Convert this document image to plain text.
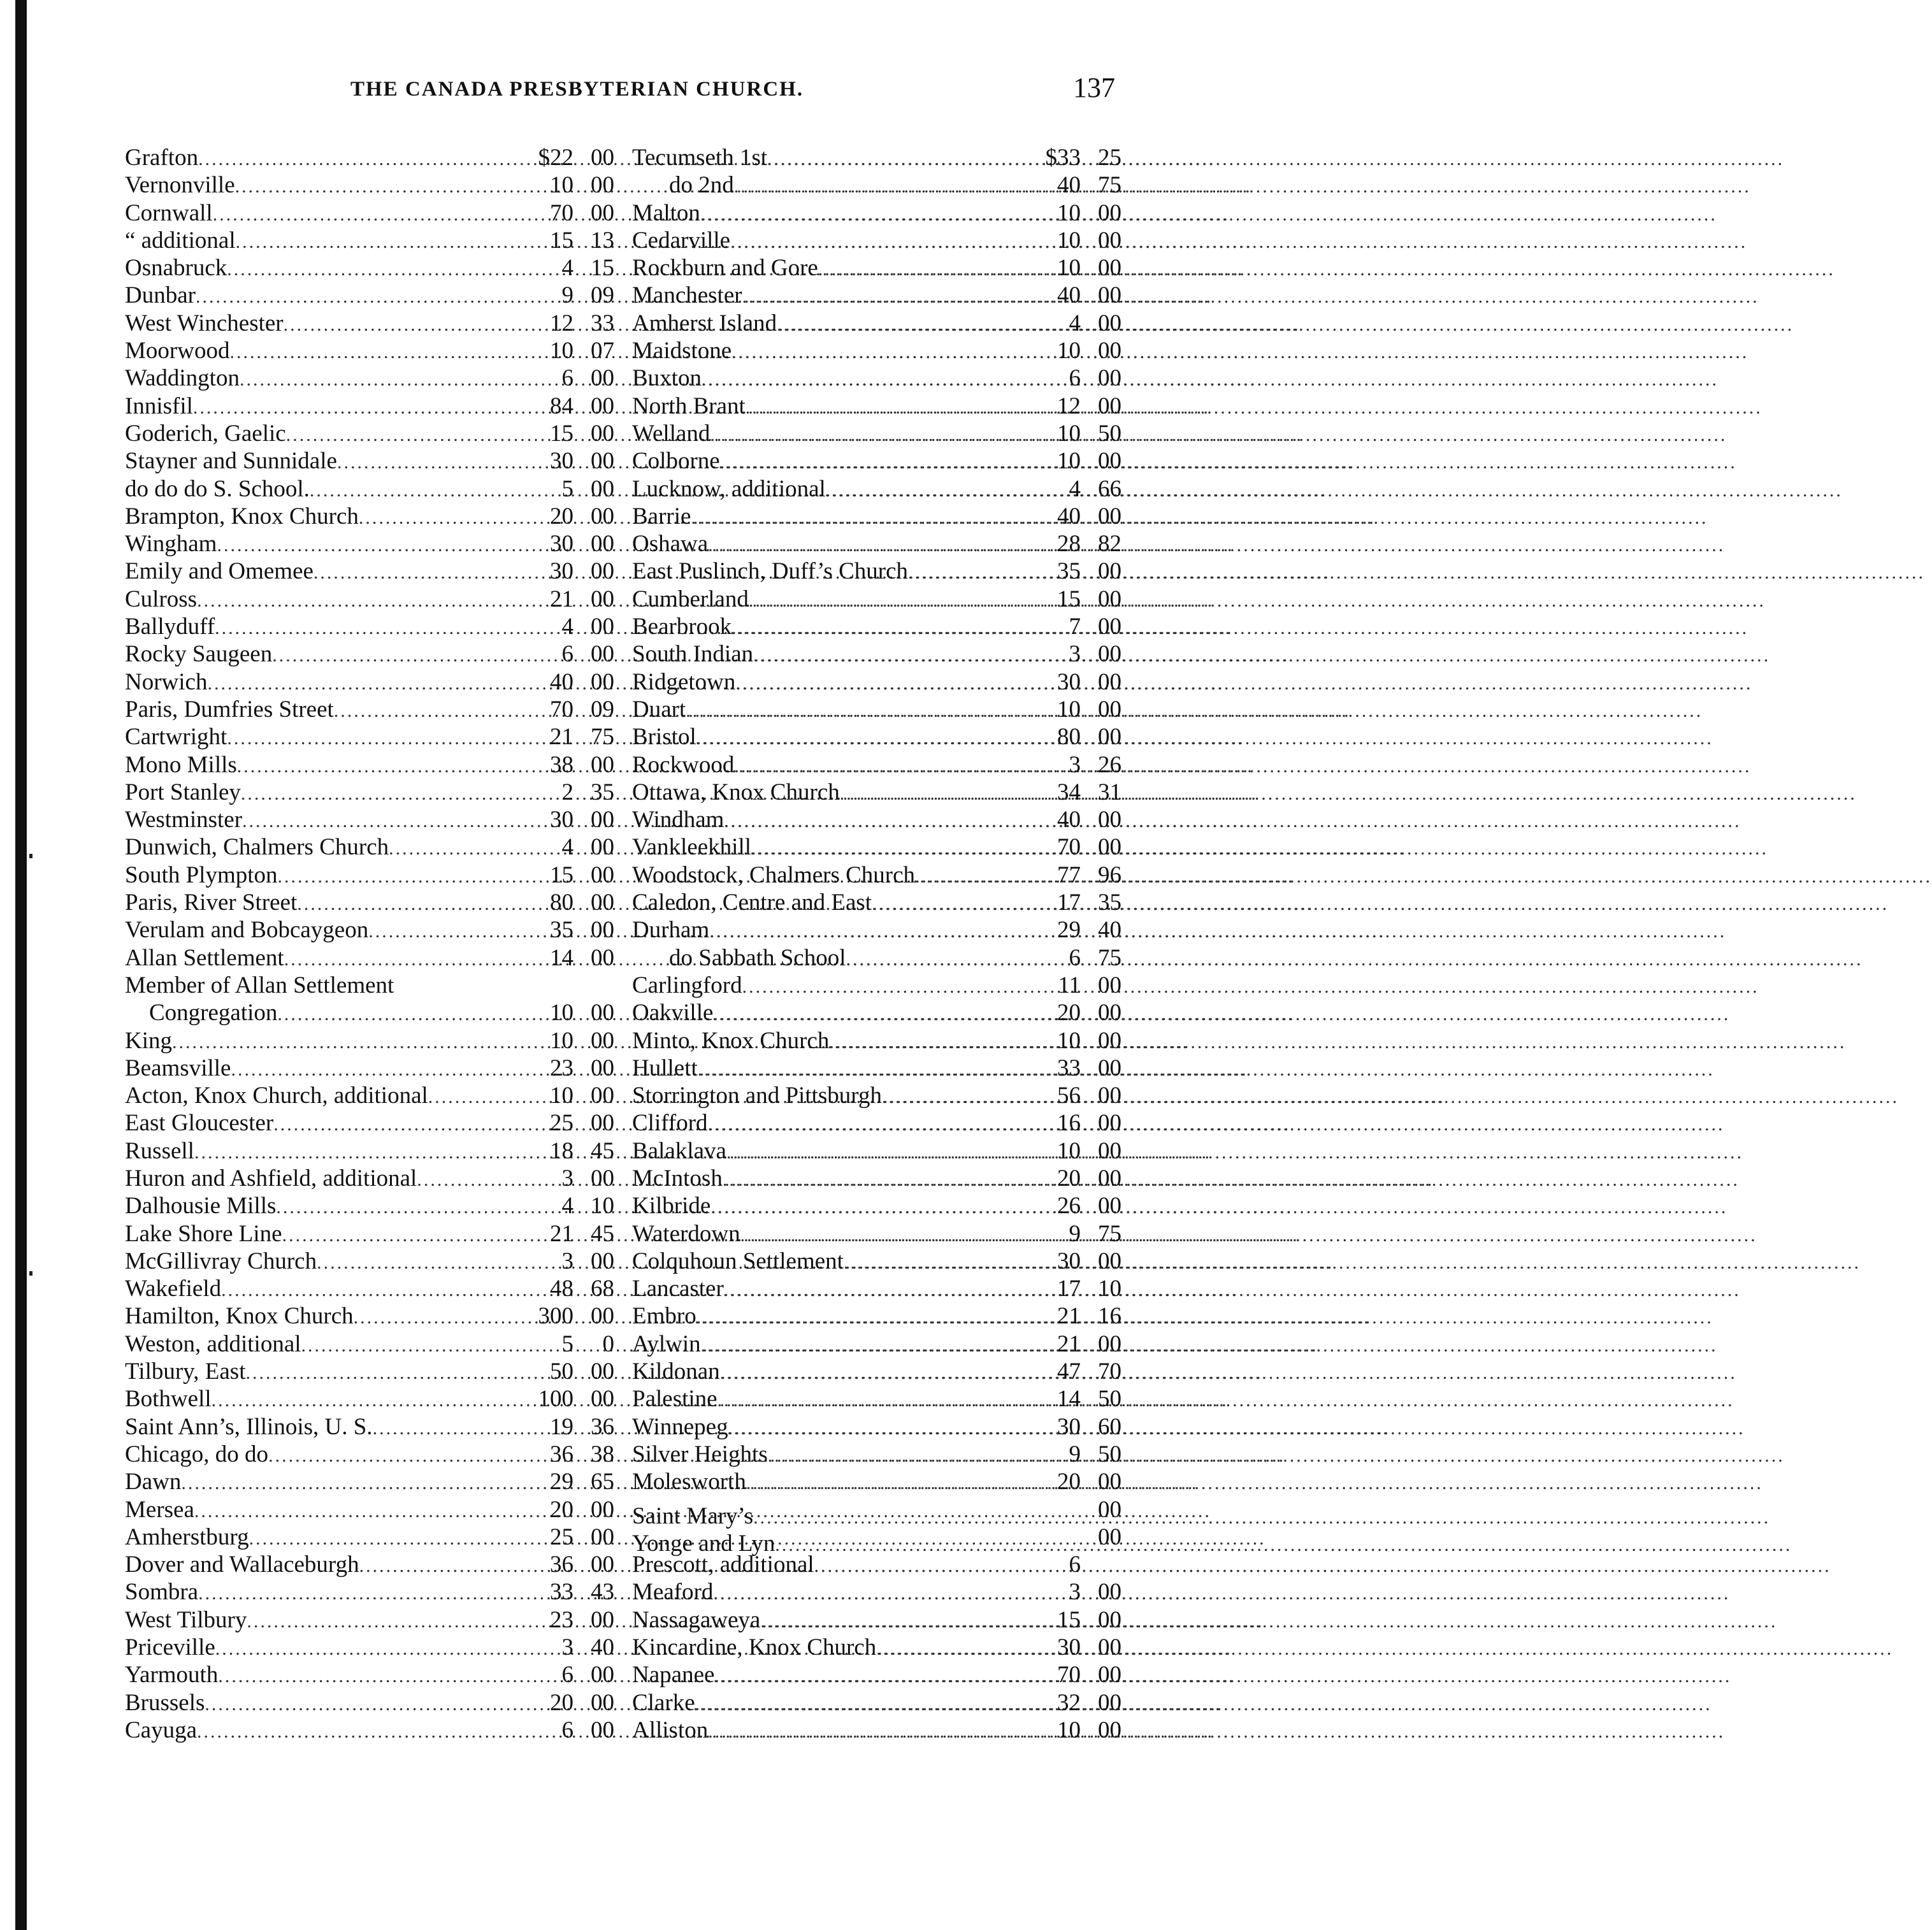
THE CANADA PRESBYTERIAN CHURCH.	137
Grafton .....	$22 00
Vernonville .....	10 00
Cornwall .....	70 00
“ additional .....	15 13
Osnabruck .....	4 15
Dunbar .....	9 09
West Winchester .....	12 33
Moorwood .....	10 07
Waddington .....	6 00
Innisfil .....	84 00
Goderich, Gaelic .....	15 00
Stayner and Sunnidale .....	30 00
do do do S. School. .....	5 00
Brampton, Knox Church .....	20 00
Wingham .....	30 00
Emily and Omemee .....	30 00
Culross .....	21 00
Ballyduff .....	4 00
Rocky Saugeen .....	6 00
Norwich .....	40 00
Paris, Dumfries Street .....	70 09
Cartwright .....	21 75
Mono Mills .....	38 00
Port Stanley .....	2 35
Westminster .....	30 00
Dunwich, Chalmers Church .....	4 00
South Plympton .....	15 00
Paris, River Street .....	80 00
Verulam and Bobcaygeon .....	35 00
Allan Settlement .....	14 00
Member of Allan Settlement
Congregation .....	10 00
King .....	10 00
Beamsville .....	23 00
Acton, Knox Church, additional .....	10 00
East Gloucester .....	25 00
Russell .....	18 45
Huron and Ashfield, additional .....	3 00
Dalhousie Mills .....	4 10
Lake Shore Line .....	21 45
McGillivray Church .....	3 00
Wakefield .....	48 68
Hamilton, Knox Church .....	300 00
Weston, additional .....	5	0
Tilbury, East .....	50 00
Bothwell .....	100 00
Saint Ann’s, Illinois, U. S. .....	19 36
Chicago, do do .....	36 38
Dawn .....	29 65
Mersea .....	20 00
Amherstburg .....	25 00
Dover and Wallaceburgh .....	36 00
Sombra .....	33 43
West Tilbury .....	23 00
Priceville .....	3 40
Yarmouth .....	6 00
Brussels .....	20 00
Cayuga .....	6 00
Tecumseth 1st .....	$33 25
do 2nd .....	40 75
Malton .....	10 00
Cedarville .....	10 00
Rockburn and Gore .....	10 00
Manchester .....	40 00
Amherst Island .....	4 00
Maidstone .....	10 00
Buxton .....	6 00
North Brant .....	12 00
Welland .....	10 50
Colborne .....	10 00
Lucknow, additional .....	4 66
Barrie .....	40 00
Oshawa .....	28 82
East Puslinch, Duff’s Church .....	35 00
Cumberland .....	15 00
Bearbrook .....	7 00
South Indian .....	3 00
Ridgetown .....	30 00
Duart .....	10 00
Bristol .....	80 00
Rockwood .....	3 26
Ottawa, Knox Church .....	34 31
Windham .....	40 00
Vankleekhill .....	70 00
Woodstock, Chalmers Church .....	77 96
Caledon, Centre and East .....	17 35
Durham .....	29 40
do Sabbath School .....	6 75
Carlingford .....	11 00
Oakville .....	20 00
Minto, Knox Church .....	10 00
Hullett .....	33 00
Storrington and Pittsburgh .....	56 00
Clifford .....	16 00
Balaklava .....	10 00
McIntosh .....	20 00
Kilbride .....	26 00
Waterdown .....	9 75
Colquhoun Settlement .....	30 00
Lancaster .....	17 10
Embro .....	21 16
Aylwin .....	21 00
Kildonan .....	47 70
Palestine .....	14 50
Winnepeg .....	30 60
Silver Heights .....	9 50
Molesworth .....	20 00
Saint Mary’s .....	00
Yonge and Lyn .....	00
Prescott, additional .....	6
Meaford .....	3 00
Nassagaweya .....	15 00
Kincardine, Knox Church .....	30 00
Napanee .....	70 00
Clarke .....	32 00
Alliston .....	10 00
